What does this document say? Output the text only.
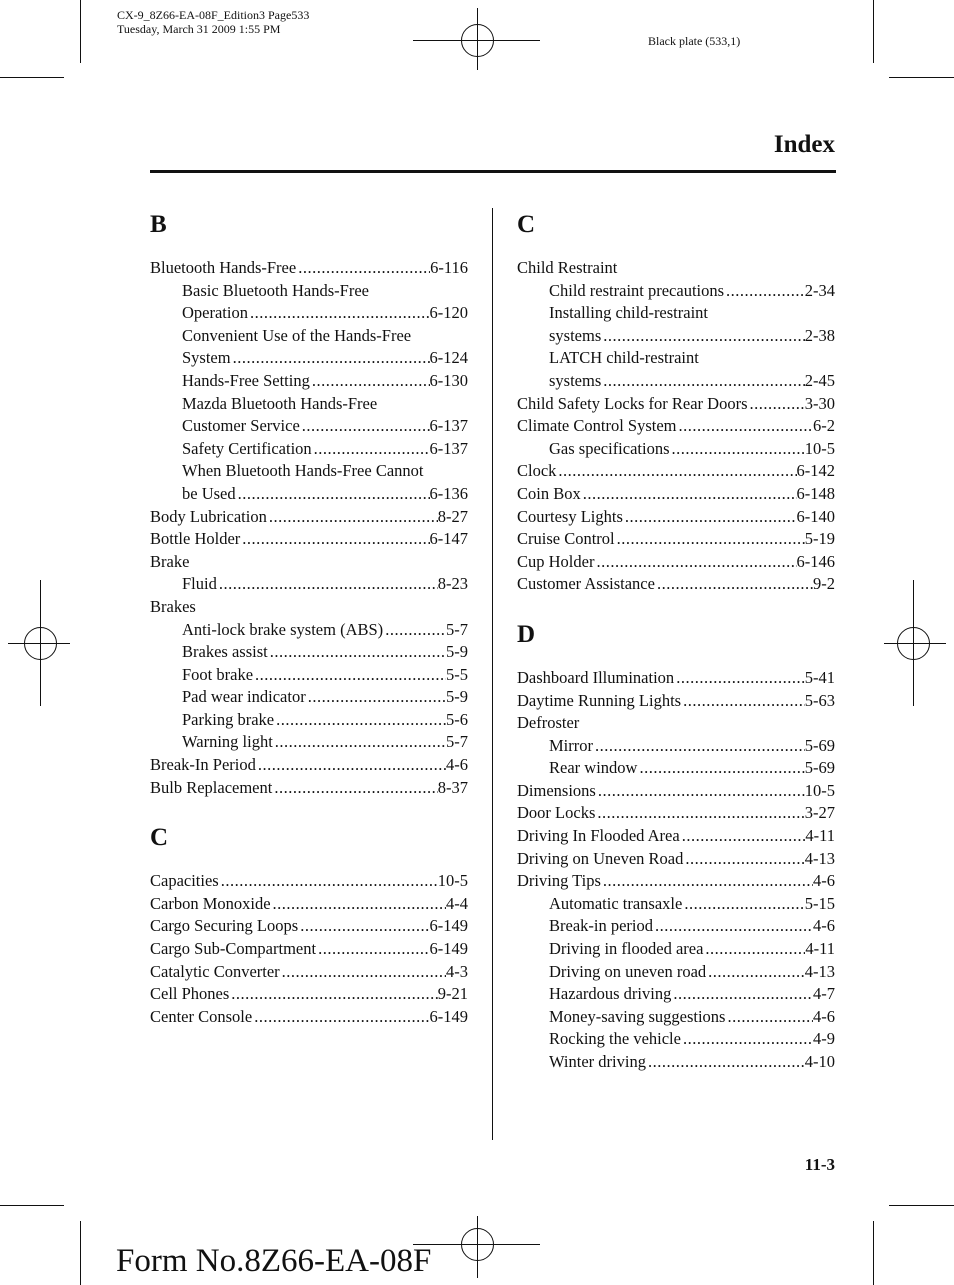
CX-9_8Z66-EA-08F_Edition3 Page533
Tuesday, March 31 2009 1:55 PM
Black plate (533,1)
Index
B
Bluetooth Hands-Free .....	6-116
Basic Bluetooth Hands-Free
Operation .....	6-120
Convenient Use of the Hands-Free
System .....	6-124
Hands-Free Setting .....	6-130
Mazda Bluetooth Hands-Free
Customer Service .....	6-137
Safety Certification .....	6-137
When Bluetooth Hands-Free Cannot
be Used .....	6-136
Body Lubrication .....	8-27
Bottle Holder .....	6-147
Brake
Fluid .....	8-23
Brakes
Anti-lock brake system (ABS) .....	5-7
Brakes assist .....	5-9
Foot brake .....	5-5
Pad wear indicator .....	5-9
Parking brake .....	5-6
Warning light .....	5-7
Break-In Period .....	4-6
Bulb Replacement .....	8-37
C
Capacities .....	10-5
Carbon Monoxide .....	4-4
Cargo Securing Loops .....	6-149
Cargo Sub-Compartment .....	6-149
Catalytic Converter .....	4-3
Cell Phones .....	9-21
Center Console .....	6-149
C
Child Restraint
Child restraint precautions .....	2-34
Installing child-restraint
systems .....	2-38
LATCH child-restraint
systems .....	2-45
Child Safety Locks for Rear Doors .....	3-30
Climate Control System .....	6-2
Gas specifications .....	10-5
Clock .....	6-142
Coin Box .....	6-148
Courtesy Lights .....	6-140
Cruise Control .....	5-19
Cup Holder .....	6-146
Customer Assistance .....	9-2
D
Dashboard Illumination .....	5-41
Daytime Running Lights .....	5-63
Defroster
Mirror .....	5-69
Rear window .....	5-69
Dimensions .....	10-5
Door Locks .....	3-27
Driving In Flooded Area .....	4-11
Driving on Uneven Road .....	4-13
Driving Tips .....	4-6
Automatic transaxle .....	5-15
Break-in period .....	4-6
Driving in flooded area .....	4-11
Driving on uneven road .....	4-13
Hazardous driving .....	4-7
Money-saving suggestions .....	4-6
Rocking the vehicle .....	4-9
Winter driving .....	4-10
11-3
Form No.8Z66-EA-08F
